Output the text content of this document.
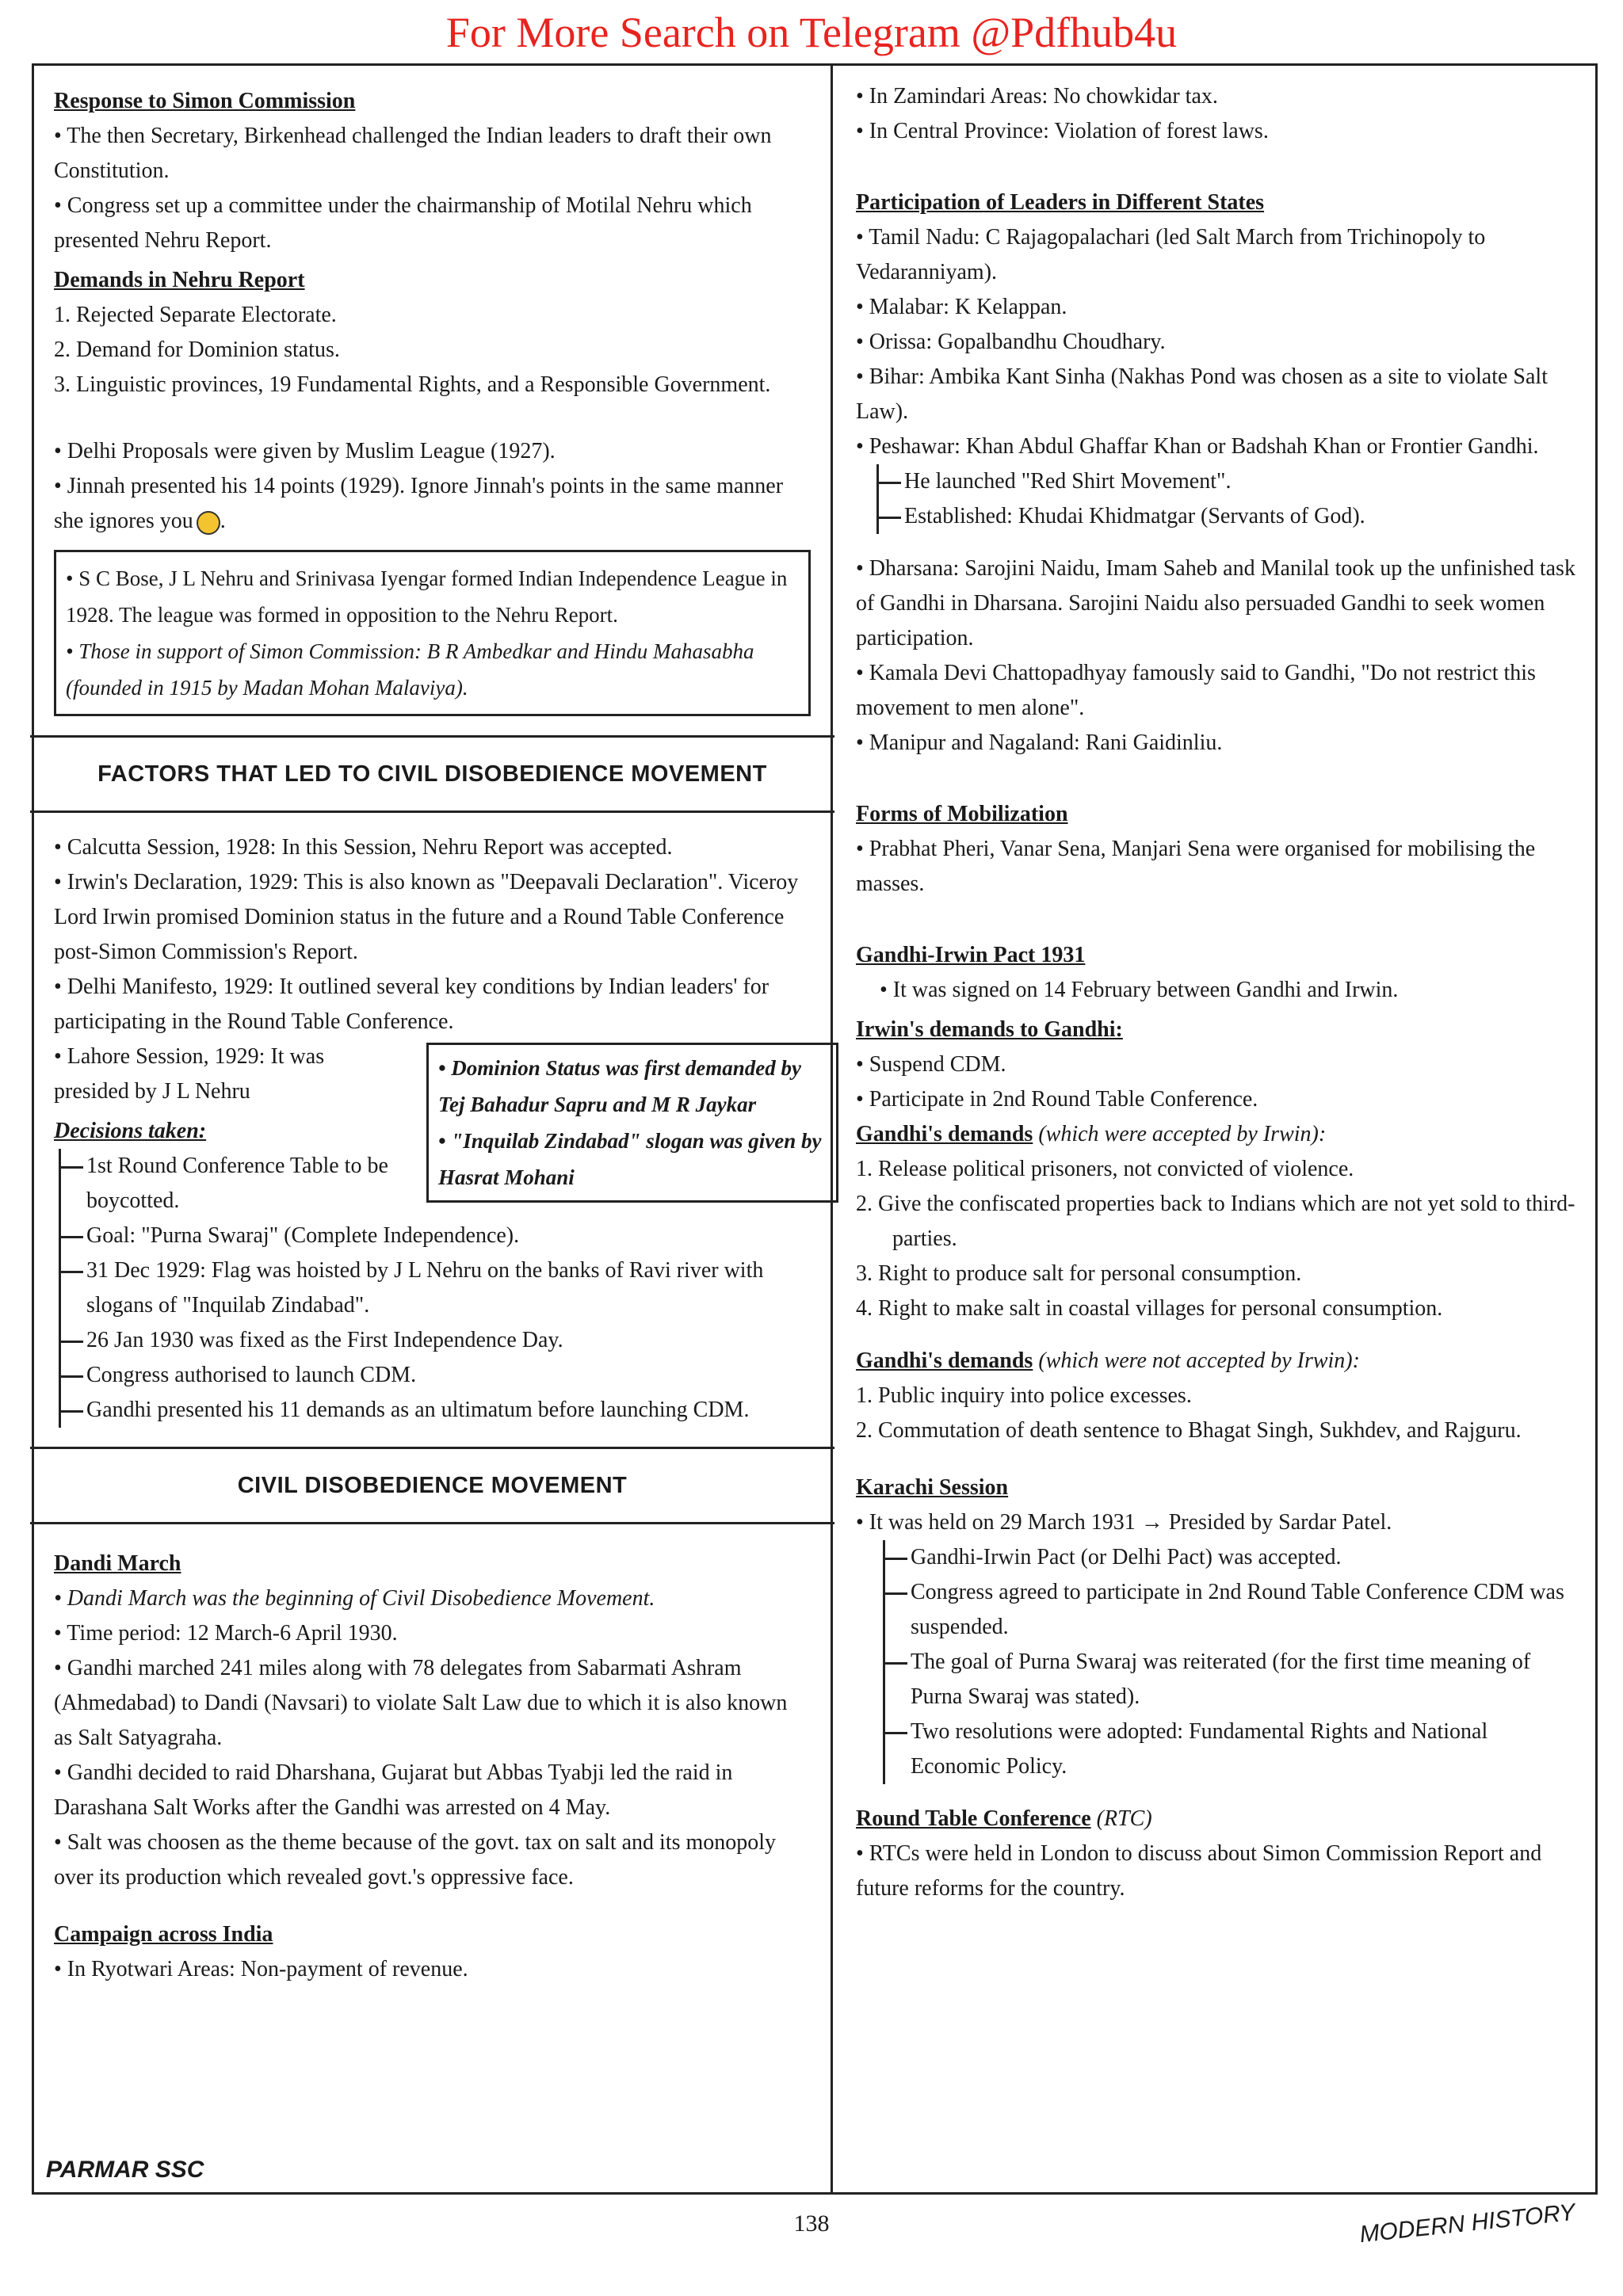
For More Search on Telegram @Pdfhub4u
Response to Simon Commission

• The then Secretary, Birkenhead challenged the Indian leaders to draft their own Constitution.

• Congress set up a committee under the chairmanship of Motilal Nehru which presented Nehru Report.

Demands in Nehru Report

1. Rejected Separate Electorate.

2. Demand for Dominion status.

3. Linguistic provinces, 19 Fundamental Rights, and a Responsible Government.

• Delhi Proposals were given by Muslim League (1927).

• Jinnah presented his 14 points (1929). Ignore Jinnah's points in the same manner she ignores you .

• S C Bose, J L Nehru and Srinivasa Iyengar formed Indian Independence League in 1928. The league was formed in opposition to the Nehru Report.

• Those in support of Simon Commission: B R Ambedkar and Hindu Mahasabha (founded in 1915 by Madan Mohan Malaviya).

FACTORS THAT LED TO CIVIL DISOBEDIENCE MOVEMENT

• Calcutta Session, 1928: In this Session, Nehru Report was accepted.

• Irwin's Declaration, 1929: This is also known as "Deepavali Declaration". Viceroy Lord Irwin promised Dominion status in the future and a Round Table Conference post-Simon Commission's Report.

• Delhi Manifesto, 1929: It outlined several key conditions by Indian leaders' for participating in the Round Table Conference.

• Lahore Session, 1929: It was presided by J L Nehru

Decisions taken:

• Dominion Status was first demanded by Tej Bahadur Sapru and M R Jaykar

• "Inquilab Zindabad" slogan was given by Hasrat Mohani

1st Round Conference Table to be boycotted.

Goal: "Purna Swaraj" (Complete Independence).

31 Dec 1929: Flag was hoisted by J L Nehru on the banks of Ravi river with slogans of "Inquilab Zindabad".

26 Jan 1930 was fixed as the First Independence Day.

Congress authorised to launch CDM.

Gandhi presented his 11 demands as an ultimatum before launching CDM.

CIVIL DISOBEDIENCE MOVEMENT
Dandi March

• Dandi March was the beginning of Civil Disobedience Movement.

• Time period: 12 March-6 April 1930.

• Gandhi marched 241 miles along with 78 delegates from Sabarmati Ashram (Ahmedabad) to Dandi (Navsari) to violate Salt Law due to which it is also known as Salt Satyagraha.

• Gandhi decided to raid Dharshana, Gujarat but Abbas Tyabji led the raid in Darashana Salt Works after the Gandhi was arrested on 4 May.

• Salt was choosen as the theme because of the govt. tax on salt and its monopoly over its production which revealed govt.'s oppressive face.

Campaign across India

• In Ryotwari Areas: Non-payment of revenue.

• In Zamindari Areas: No chowkidar tax.

• In Central Province: Violation of forest laws.

Participation of Leaders in Different States

• Tamil Nadu: C Rajagopalachari (led Salt March from Trichinopoly to Vedaranniyam).

• Malabar: K Kelappan.

• Orissa: Gopalbandhu Choudhary.

• Bihar: Ambika Kant Sinha (Nakhas Pond was chosen as a site to violate Salt Law).

• Peshawar: Khan Abdul Ghaffar Khan or Badshah Khan or Frontier Gandhi.

He launched "Red Shirt Movement".

Established: Khudai Khidmatgar (Servants of God).

• Dharsana: Sarojini Naidu, Imam Saheb and Manilal took up the unfinished task of Gandhi in Dharsana. Sarojini Naidu also persuaded Gandhi to seek women participation.

• Kamala Devi Chattopadhyay famously said to Gandhi, "Do not restrict this movement to men alone".

• Manipur and Nagaland: Rani Gaidinliu.

Forms of Mobilization

• Prabhat Pheri, Vanar Sena, Manjari Sena were organised for mobilising the masses.

Gandhi-Irwin Pact 1931

• It was signed on 14 February between Gandhi and Irwin.

Irwin's demands to Gandhi:

• Suspend CDM.

• Participate in 2nd Round Table Conference.

Gandhi's demands (which were accepted by Irwin):

1. Release political prisoners, not convicted of violence.

2. Give the confiscated properties back to Indians which are not yet sold to third-parties.

3. Right to produce salt for personal consumption.

4. Right to make salt in coastal villages for personal consumption.

Gandhi's demands (which were not accepted by Irwin):

1. Public inquiry into police excesses.

2. Commutation of death sentence to Bhagat Singh, Sukhdev, and Rajguru.

Karachi Session

• It was held on 29 March 1931 → Presided by Sardar Patel.

Gandhi-Irwin Pact (or Delhi Pact) was accepted.

Congress agreed to participate in 2nd Round Table Conference CDM was suspended.

The goal of Purna Swaraj was reiterated (for the first time meaning of Purna Swaraj was stated).

Two resolutions were adopted: Fundamental Rights and National Economic Policy.

Round Table Conference (RTC)

• RTCs were held in London to discuss about Simon Commission Report and future reforms for the country.

PARMAR SSC
138	MODERN HISTORY
